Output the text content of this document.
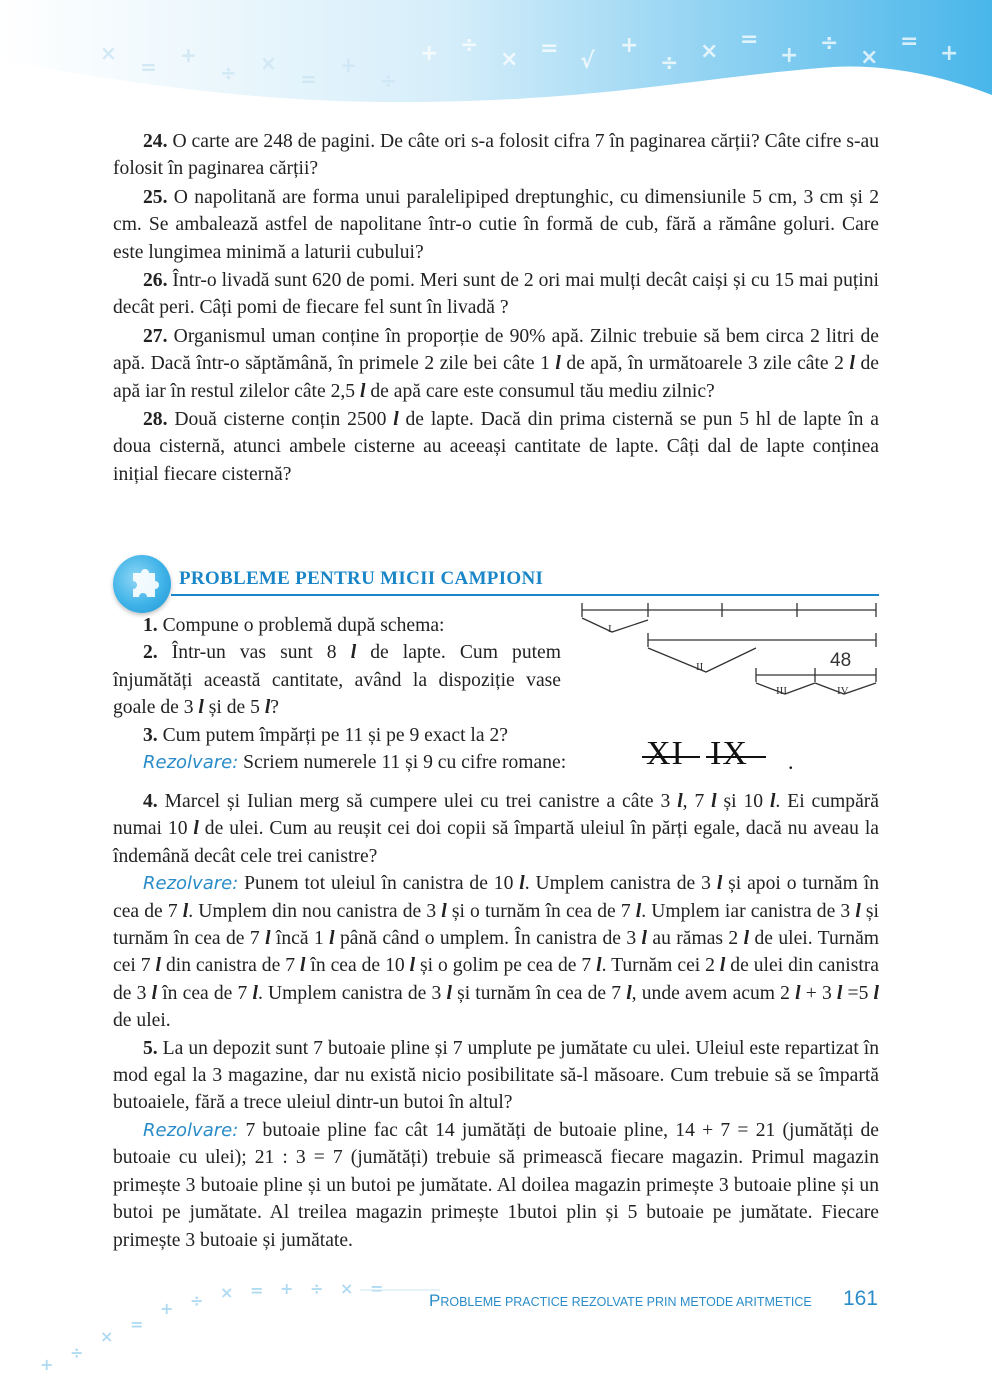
+ ÷
× =
√
+
÷ × =
+ ÷
×
= +
×
= +
÷ ×
=
+
÷
+
÷
×
=
+ ÷ × = + ÷ × =

24. O carte are 248 de pagini. De câte ori s-a folosit cifra 7 în paginarea cărții? Câte cifre s-au folosit în paginarea cărții?

25. O napolitană are forma unui paralelipiped dreptunghic, cu dimensiunile 5 cm, 3 cm și 2 cm. Se ambalează astfel de napolitane într-o cutie în formă de cub, fără a rămâne goluri. Care este lungimea minimă a laturii cubului?

26. Într-o livadă sunt 620 de pomi. Meri sunt de 2 ori mai mulți decât caiși și cu 15 mai puțini decât peri. Câți pomi de fiecare fel sunt în livadă ?

27. Organismul uman conține în proporție de 90% apă. Zilnic trebuie să bem circa 2 litri de apă. Dacă într-o săptămână, în primele 2 zile bei câte 1 l de apă, în următoarele 3 zile câte 2 l de apă iar în restul zilelor câte 2,5 l de apă care este consumul tău mediu zilnic?

28. Două cisterne conțin 2500 l de lapte. Dacă din prima cisternă se pun 5 hl de lapte în a doua cisternă, atunci ambele cisterne au aceeași cantitate de lapte. Câți dal de lapte conținea inițial fiecare cisternă?

PROBLEME PENTRU MICII CAMPIONI

1. Compune o problemă după schema:

2. Într-un vas sunt 8 l de lapte. Cum putem înjumătăți această cantitate, având la dispoziție vase goale de 3 l și de 5 l?

3. Cum putem împărți pe 11 și pe 9 exact la 2?

Rezolvare: Scriem numerele 11 și 9 cu cifre romane:

I
II	48
III	IV
XI IX .

4. Marcel și Iulian merg să cumpere ulei cu trei canistre a câte 3 l, 7 l și 10 l. Ei cumpără numai 10 l de ulei. Cum au reușit cei doi copii să împartă uleiul în părți egale, dacă nu aveau la îndemână decât cele trei canistre?

Rezolvare: Punem tot uleiul în canistra de 10 l. Umplem canistra de 3 l și apoi o turnăm în cea de 7 l. Umplem din nou canistra de 3 l și o turnăm în cea de 7 l. Umplem iar canistra de 3 l și turnăm în cea de 7 l încă 1 l până când o umplem. În canistra de 3 l au rămas 2 l de ulei. Turnăm cei 7 l din canistra de 7 l în cea de 10 l și o golim pe cea de 7 l. Turnăm cei 2 l de ulei din canistra de 3 l în cea de 7 l. Umplem canistra de 3 l și turnăm în cea de 7 l, unde avem acum 2 l + 3 l =5 l de ulei.

5. La un depozit sunt 7 butoaie pline și 7 umplute pe jumătate cu ulei. Uleiul este repartizat în mod egal la 3 magazine, dar nu există nicio posibilitate să-l măsoare. Cum trebuie să se împartă butoaiele, fără a trece uleiul dintr-un butoi în altul?

Rezolvare: 7 butoaie pline fac cât 14 jumătăți de butoaie pline, 14 + 7 = 21 (jumătăți de butoaie cu ulei); 21 : 3 = 7 (jumătăți) trebuie să primească fiecare magazin. Primul magazin primește 3 butoaie pline și un butoi pe jumătate. Al doilea magazin primește 3 butoaie pline și un butoi pe jumătate. Al treilea magazin primește 1butoi plin și 5 butoaie pe jumătate. Fiecare primește 3 butoaie și jumătate.

PROBLEME PRACTICE REZOLVATE PRIN METODE ARITMETICE 161
